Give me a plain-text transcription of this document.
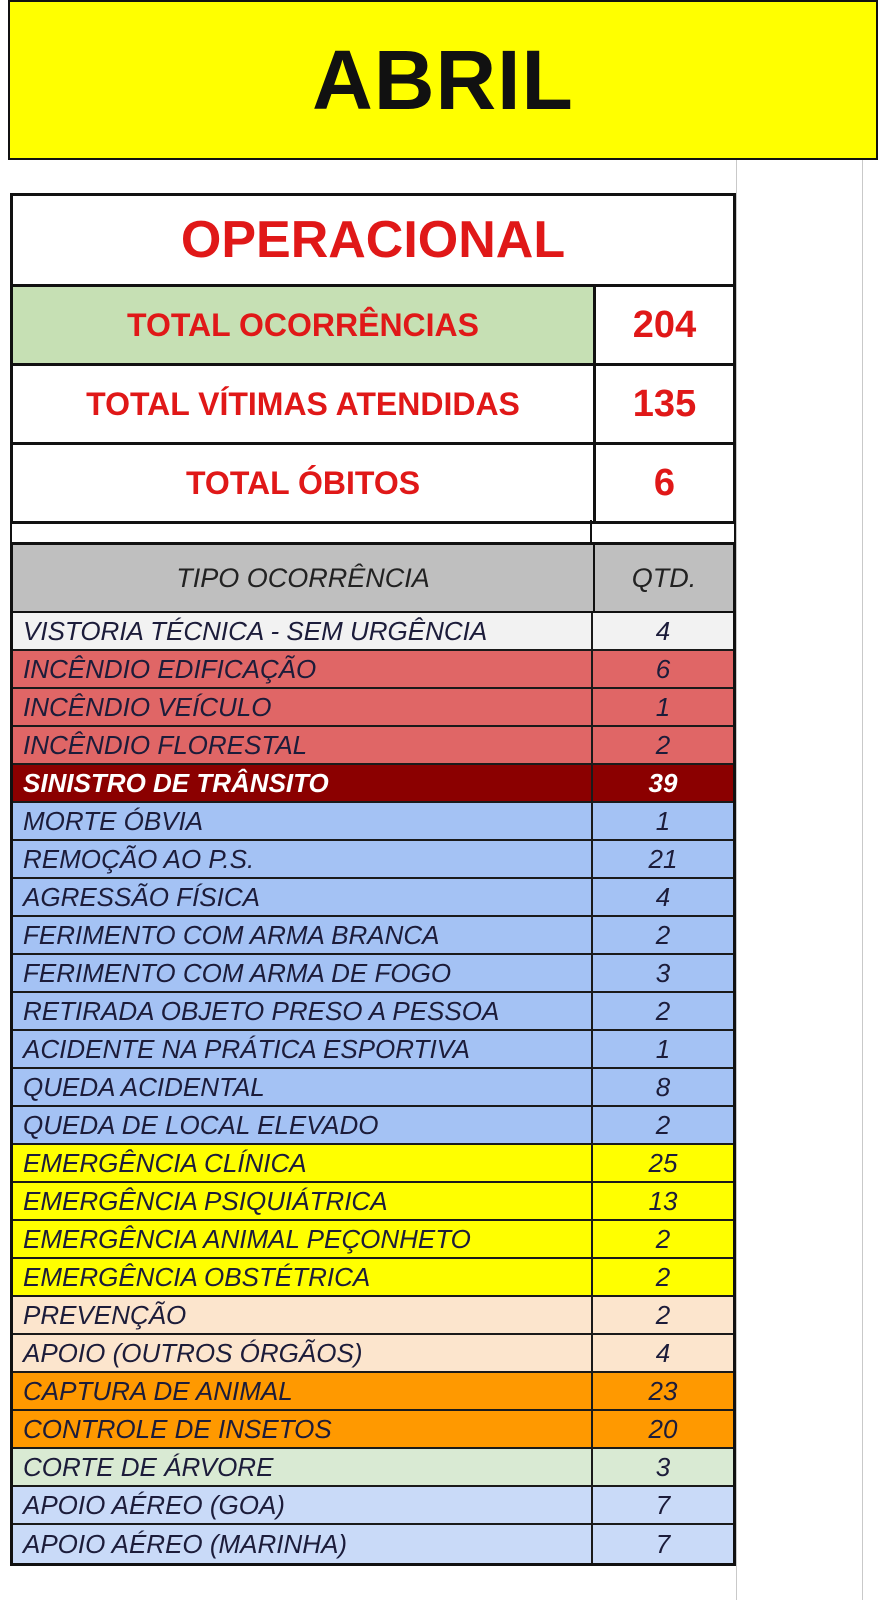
ABRIL
OPERACIONAL
TOTAL OCORRÊNCIAS	204
TOTAL VÍTIMAS ATENDIDAS	135
TOTAL ÓBITOS	6
TIPO OCORRÊNCIA	QTD.
VISTORIA TÉCNICA - SEM URGÊNCIA	4
INCÊNDIO EDIFICAÇÃO	6
INCÊNDIO VEÍCULO	1
INCÊNDIO FLORESTAL	2
SINISTRO DE TRÂNSITO	39
MORTE ÓBVIA	1
REMOÇÃO AO P.S.	21
AGRESSÃO FÍSICA	4
FERIMENTO COM ARMA BRANCA	2
FERIMENTO COM ARMA DE FOGO	3
RETIRADA OBJETO PRESO A PESSOA	2
ACIDENTE NA PRÁTICA ESPORTIVA	1
QUEDA ACIDENTAL	8
QUEDA DE LOCAL ELEVADO	2
EMERGÊNCIA CLÍNICA	25
EMERGÊNCIA PSIQUIÁTRICA	13
EMERGÊNCIA ANIMAL PEÇONHETO	2
EMERGÊNCIA OBSTÉTRICA	2
PREVENÇÃO	2
APOIO (OUTROS ÓRGÃOS)	4
CAPTURA DE ANIMAL	23
CONTROLE DE INSETOS	20
CORTE DE ÁRVORE	3
APOIO AÉREO (GOA)	7
APOIO AÉREO (MARINHA)	7
